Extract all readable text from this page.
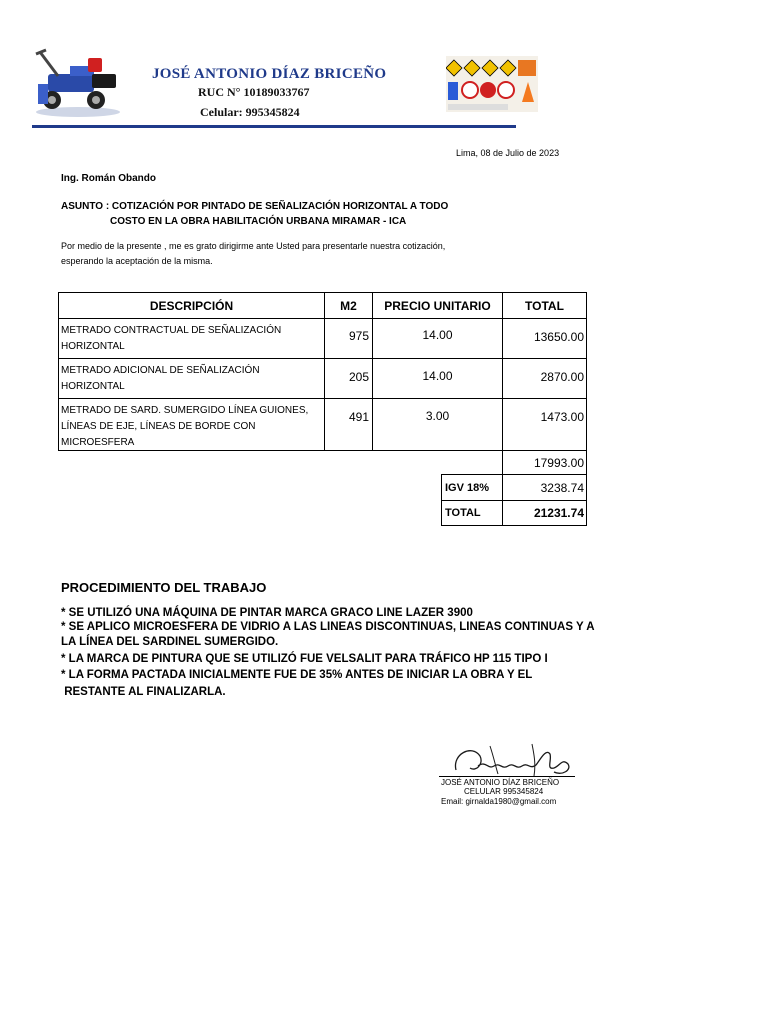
JOSÉ ANTONIO DÍAZ BRICEÑO
RUC N° 10189033767
Celular: 995345824
Lima, 08 de Julio de 2023
Ing. Román Obando
ASUNTO : COTIZACIÓN POR PINTADO DE SEÑALIZACIÓN HORIZONTAL A TODO
COSTO EN LA OBRA HABILITACIÓN URBANA MIRAMAR - ICA
Por medio de la presente , me es grato dirigirme ante Usted para presentarle nuestra cotización,
esperando la aceptación de la misma.
DESCRIPCIÓN	M2	PRECIO UNITARIO	TOTAL
METRADO CONTRACTUAL DE SEÑALIZACIÓN
HORIZONTAL
975	14.00	13650.00
METRADO ADICIONAL DE SEÑALIZACIÓN
HORIZONTAL
205	14.00	2870.00
METRADO DE SARD. SUMERGIDO LÍNEA GUIONES,
LÍNEAS DE EJE, LÍNEAS DE BORDE CON
MICROESFERA
491	3.00	1473.00
17993.00
IGV 18%	3238.74
TOTAL	21231.74
PROCEDIMIENTO DEL TRABAJO
* SE UTILIZÓ UNA MÁQUINA DE PINTAR MARCA GRACO LINE LAZER 3900
* SE APLICO MICROESFERA DE VIDRIO A LAS LINEAS DISCONTINUAS, LINEAS CONTINUAS Y A
LA LÍNEA DEL SARDINEL SUMERGIDO.
* LA MARCA DE PINTURA QUE SE UTILIZÓ FUE VELSALIT PARA TRÁFICO HP 115 TIPO I
* LA FORMA PACTADA INICIALMENTE FUE DE 35% ANTES DE INICIAR LA OBRA Y EL
RESTANTE AL FINALIZARLA.
JOSÉ ANTONIO DÍAZ BRICEÑO
CELULAR 995345824
Email: girnalda1980@gmail.com
